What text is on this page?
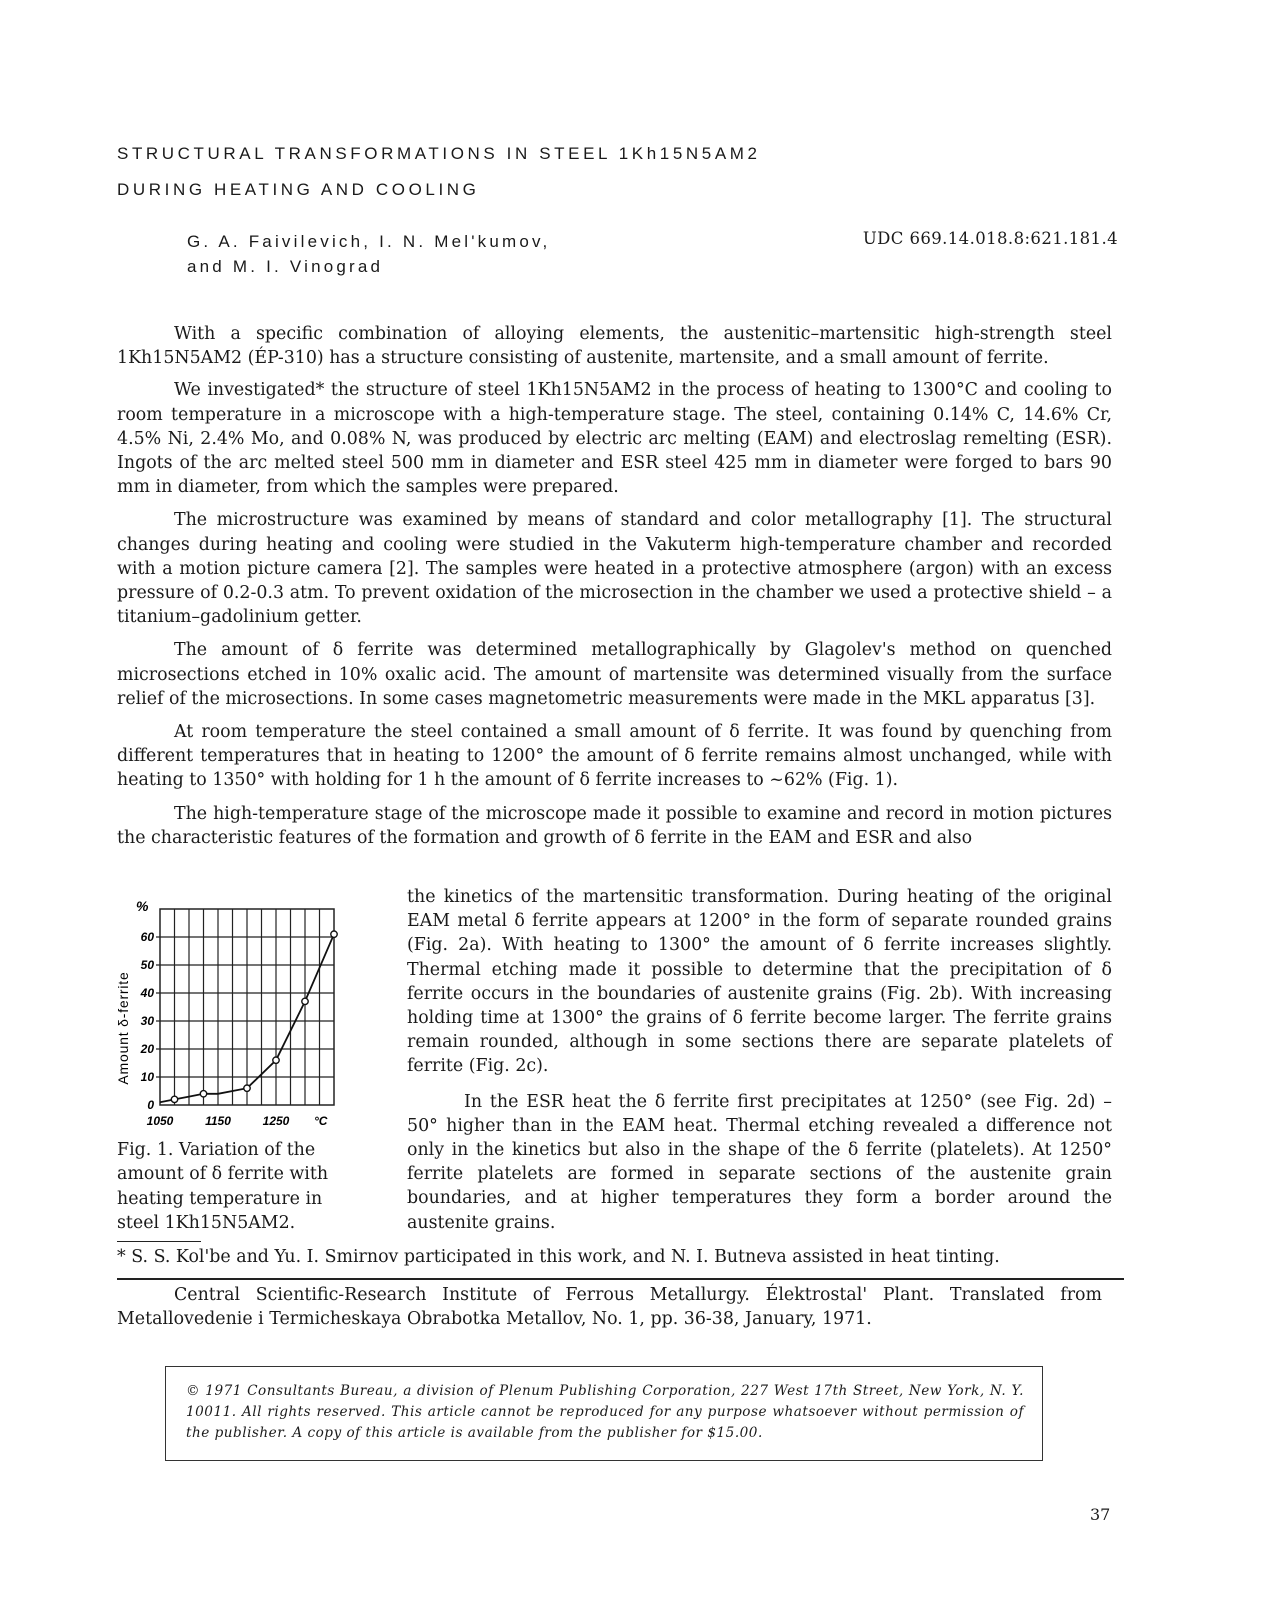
STRUCTURAL TRANSFORMATIONS IN STEEL 1Kh15N5AM2
DURING HEATING AND COOLING
G. A. Faivilevich, I. N. Mel'kumov,
and M. I. Vinograd
UDC 669.14.018.8:621.181.4

With a specific combination of alloying elements, the austenitic–martensitic high-strength steel 1Kh15N5AM2 (ÉP-310) has a structure consisting of austenite, martensite, and a small amount of ferrite.

We investigated* the structure of steel 1Kh15N5AM2 in the process of heating to 1300°C and cooling to room temperature in a microscope with a high-temperature stage. The steel, containing 0.14% C, 14.6% Cr, 4.5% Ni, 2.4% Mo, and 0.08% N, was produced by electric arc melting (EAM) and electroslag remelting (ESR). Ingots of the arc melted steel 500 mm in diameter and ESR steel 425 mm in diameter were forged to bars 90 mm in diameter, from which the samples were prepared.

The microstructure was examined by means of standard and color metallography [1]. The structural changes during heating and cooling were studied in the Vakuterm high-temperature chamber and recorded with a motion picture camera [2]. The samples were heated in a protective atmosphere (argon) with an excess pressure of 0.2-0.3 atm. To prevent oxidation of the microsection in the chamber we used a protective shield – a titanium–gadolinium getter.

The amount of δ ferrite was determined metallographically by Glagolev's method on quenched microsections etched in 10% oxalic acid. The amount of martensite was determined visually from the surface relief of the microsections. In some cases magnetometric measurements were made in the MKL apparatus [3].

At room temperature the steel contained a small amount of δ ferrite. It was found by quenching from different temperatures that in heating to 1200° the amount of δ ferrite remains almost unchanged, while with heating to 1350° with holding for 1 h the amount of δ ferrite increases to ~62% (Fig. 1).

The high-temperature stage of the microscope made it possible to examine and record in motion pictures the characteristic features of the formation and growth of δ ferrite in the EAM and ESR and also

the kinetics of the martensitic transformation. During heating of the original EAM metal δ ferrite appears at 1200° in the form of separate rounded grains (Fig. 2a). With heating to 1300° the amount of δ ferrite increases slightly. Thermal etching made it possible to determine that the precipitation of δ ferrite occurs in the boundaries of austenite grains (Fig. 2b). With increasing holding time at 1300° the grains of δ ferrite become larger. The ferrite grains remain rounded, although in some sections there are separate platelets of ferrite (Fig. 2c).

In the ESR heat the δ ferrite first precipitates at 1250° (see Fig. 2d) – 50° higher than in the EAM heat. Thermal etching revealed a difference not only in the kinetics but also in the shape of the δ ferrite (platelets). At 1250° ferrite platelets are formed in separate sections of the austenite grain boundaries, and at higher temperatures they form a border around the austenite grains.

0
10
20
30
40
50
60
1050	1150	1250
%
Amount δ-ferrite
°C

Fig. 1. Variation of the amount of δ ferrite with heating temperature in steel 1Kh15N5AM2.

* S. S. Kol'be and Yu. I. Smirnov participated in this work, and N. I. Butneva assisted in heat tinting.

Central Scientific-Research Institute of Ferrous Metallurgy. Élektrostal' Plant. Translated from Metallovedenie i Termicheskaya Obrabotka Metallov, No. 1, pp. 36-38, January, 1971.

© 1971 Consultants Bureau, a division of Plenum Publishing Corporation, 227 West 17th Street, New York, N. Y. 10011. All rights reserved. This article cannot be reproduced for any purpose whatsoever without permission of the publisher. A copy of this article is available from the publisher for $15.00.
37
